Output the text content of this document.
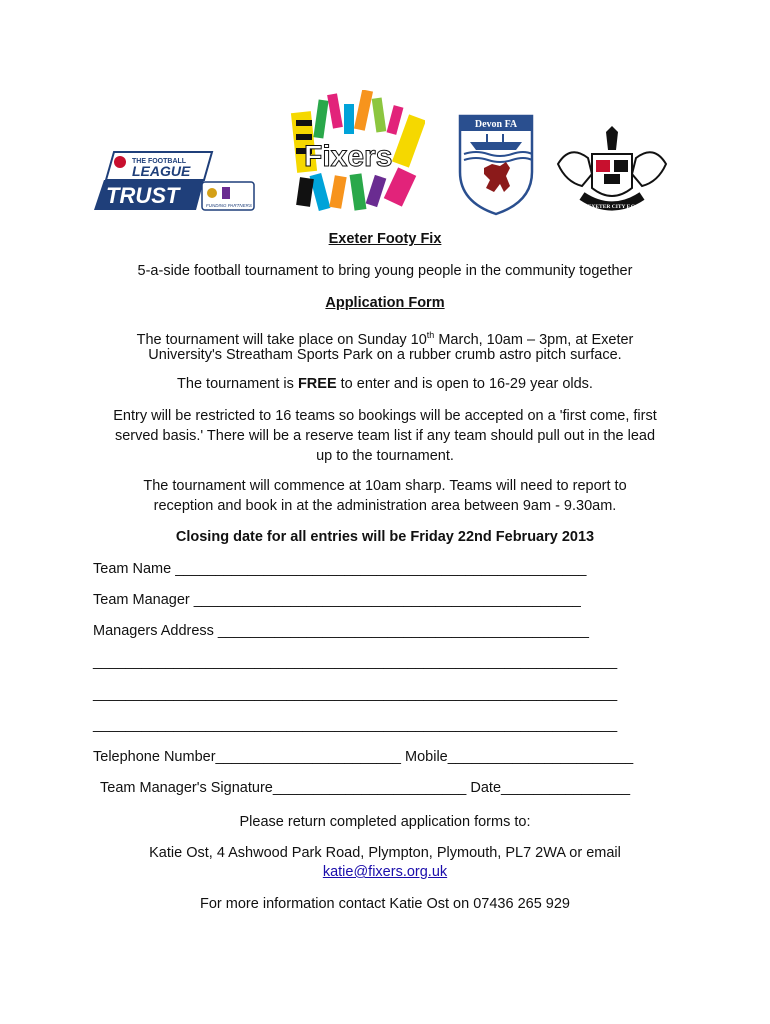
THE FOOTBALL
LEAGUE
TRUST	FUNDING PARTNERS
Fixers
Devon FA
EXETER CITY F.C.
Exeter Footy Fix
5-a-side football tournament to bring young people in the community together
Application Form
The tournament will take place on Sunday 10th March, 10am – 3pm, at Exeter
University's Streatham Sports Park on a rubber crumb astro pitch surface.
The tournament is FREE to enter and is open to 16-29 year olds.
Entry will be restricted to 16 teams so bookings will be accepted on a 'first come, first
served basis.' There will be a reserve team list if any team should pull out in the lead
up to the tournament.
The tournament will commence at 10am sharp. Teams will need to report to
reception and book in at the administration area between 9am - 9.30am.
Closing date for all entries will be Friday 22nd February 2013
Team Name ___________________________________________________
Team Manager ________________________________________________
Managers Address ______________________________________________
_________________________________________________________________
_________________________________________________________________
_________________________________________________________________
Telephone Number_______________________ Mobile_______________________
Team Manager's Signature________________________ Date________________
Please return completed application forms to:
Katie Ost, 4 Ashwood Park Road, Plympton, Plymouth, PL7 2WA or email
katie@fixers.org.uk
For more information contact Katie Ost on 07436 265 929
